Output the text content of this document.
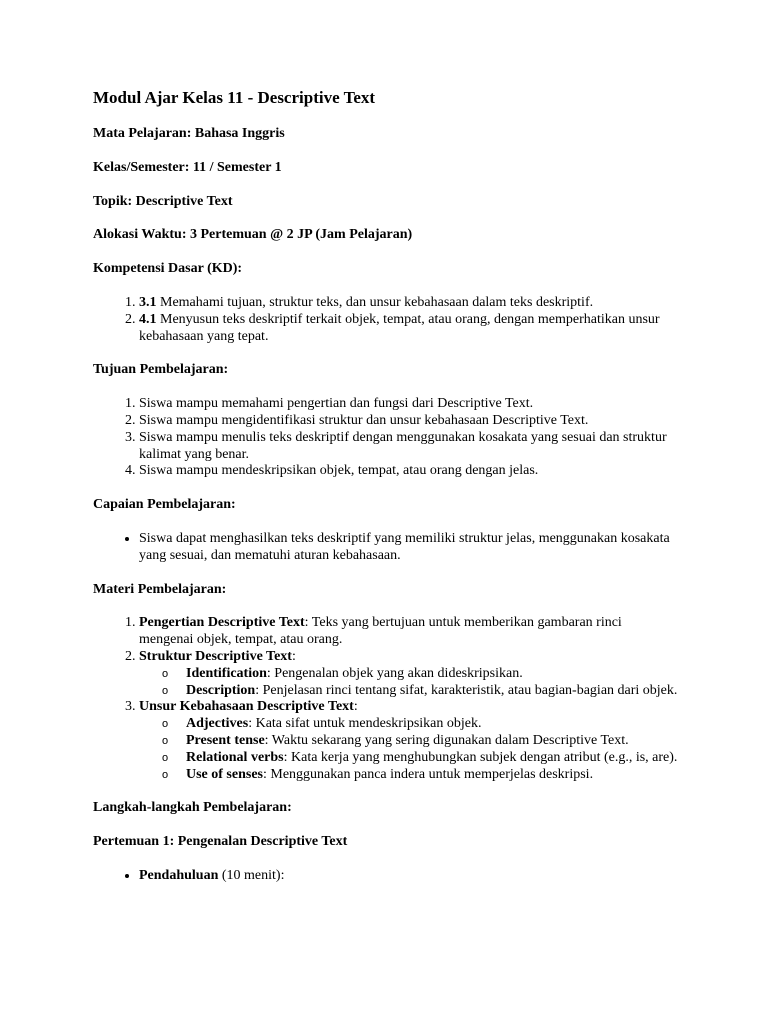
Modul Ajar Kelas 11 - Descriptive Text

Mata Pelajaran: Bahasa Inggris

Kelas/Semester: 11 / Semester 1

Topik: Descriptive Text

Alokasi Waktu: 3 Pertemuan @ 2 JP (Jam Pelajaran)

Kompetensi Dasar (KD):

1. 3.1 Memahami tujuan, struktur teks, dan unsur kebahasaan dalam teks deskriptif.
2. 4.1 Menyusun teks deskriptif terkait objek, tempat, atau orang, dengan memperhatikan unsur kebahasaan yang tepat.

Tujuan Pembelajaran:

1. Siswa mampu memahami pengertian dan fungsi dari Descriptive Text.
2. Siswa mampu mengidentifikasi struktur dan unsur kebahasaan Descriptive Text.
3. Siswa mampu menulis teks deskriptif dengan menggunakan kosakata yang sesuai dan struktur kalimat yang benar.
4. Siswa mampu mendeskripsikan objek, tempat, atau orang dengan jelas.

Capaian Pembelajaran:

• Siswa dapat menghasilkan teks deskriptif yang memiliki struktur jelas, menggunakan kosakata yang sesuai, dan mematuhi aturan kebahasaan.

Materi Pembelajaran:

1. Pengertian Descriptive Text: Teks yang bertujuan untuk memberikan gambaran rinci mengenai objek, tempat, atau orang.
2. Struktur Descriptive Text:
o Identification: Pengenalan objek yang akan dideskripsikan.
o Description: Penjelasan rinci tentang sifat, karakteristik, atau bagian-bagian dari objek.
3. Unsur Kebahasaan Descriptive Text:
o Adjectives: Kata sifat untuk mendeskripsikan objek.
o Present tense: Waktu sekarang yang sering digunakan dalam Descriptive Text.
o Relational verbs: Kata kerja yang menghubungkan subjek dengan atribut (e.g., is, are).
o Use of senses: Menggunakan panca indera untuk memperjelas deskripsi.

Langkah-langkah Pembelajaran:

Pertemuan 1: Pengenalan Descriptive Text

• Pendahuluan (10 menit):
